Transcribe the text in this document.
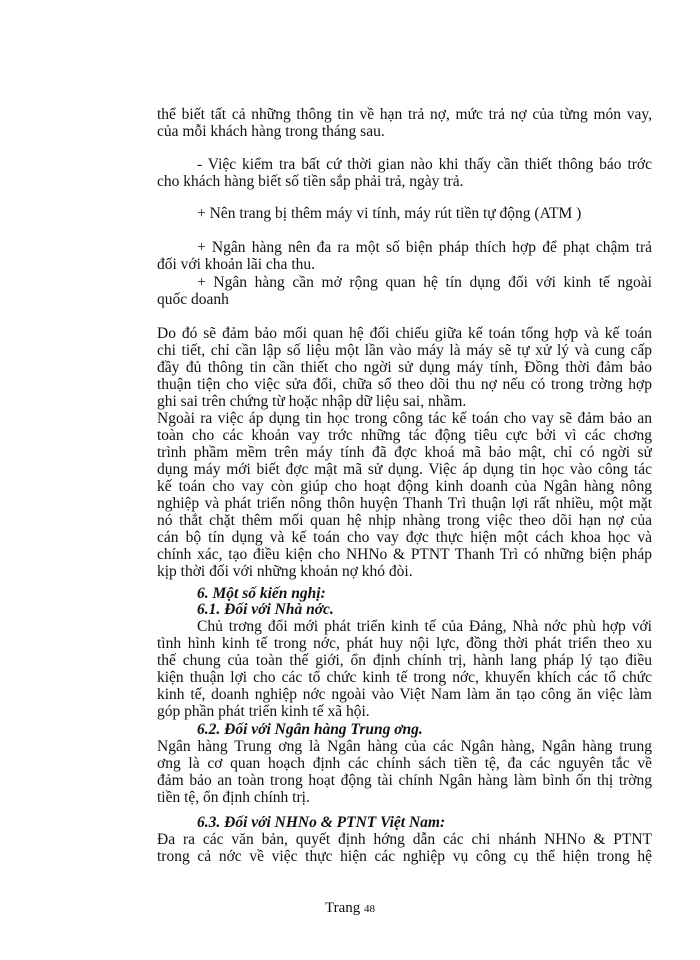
thể biết tất cả những thông tin về hạn trả nợ, mức trả nợ của từng món vay,
của mỗi khách hàng trong tháng sau.
- Việc kiểm tra bất cứ thời gian nào khi thấy cần thiết thông báo trớc
cho khách hàng biết số tiền sắp phải trả, ngày trả.
+ Nên trang bị thêm máy vi tính, máy rút tiền tự động (ATM )
+ Ngân hàng nên đa ra một số biện pháp thích hợp để phạt chậm trả
đối với khoản lãi cha thu.
+ Ngân hàng cần mở rộng quan hệ tín dụng đối với kinh tế ngoài
quốc doanh
Do đó sẽ đảm bảo mối quan hệ đối chiếu giữa kế toán tổng hợp và kế toán
chi tiết, chỉ cần lập số liệu một lần vào máy là máy sẽ tự xử lý và cung cấp
đầy đủ thông tin cần thiết cho ngời sử dụng máy tính, Đồng thời đảm bảo
thuận tiện cho việc sửa đổi, chữa sổ theo dõi thu nợ nếu có trong trờng hợp
ghi sai trên chứng từ hoặc nhập dữ liệu sai, nhầm.
Ngoài ra việc áp dụng tin học trong công tác kế toán cho vay sẽ đảm bảo an
toàn cho các khoản vay trớc những tác động tiêu cực bởi vì các chơng
trình phầm mềm trên máy tính đã đợc khoá mã bảo mật, chỉ có ngời sử
dụng máy mới biết đợc mật mã sử dụng. Việc áp dụng tin học vào công tác
kế toán cho vay còn giúp cho hoạt động kinh doanh của Ngân hàng nông
nghiệp và phát triển nông thôn huyện Thanh Trì thuận lợi rất nhiều, một mặt
nó thắt chặt thêm mối quan hệ nhịp nhàng trong việc theo dõi hạn nợ của
cán bộ tín dụng và kế toán cho vay đợc thực hiện một cách khoa học và
chính xác, tạo điều kiện cho NHNo & PTNT Thanh Trì có những biện pháp
kịp thời đối với những khoản nợ khó đòi.
6. Một số kiến nghị:
6.1. Đối với Nhà nớc.
Chủ trơng đổi mới phát triển kinh tế của Đảng, Nhà nớc phù hợp với
tình hình kinh tế trong nớc, phát huy nội lực, đồng thời phát triển theo xu
thế chung của toàn thế giới, ổn định chính trị, hành lang pháp lý tạo điều
kiện thuận lợi cho các tổ chức kinh tế trong nớc, khuyến khích các tổ chức
kinh tế, doanh nghiệp nớc ngoài vào Việt Nam làm ăn tạo công ăn việc làm
góp phần phát triển kinh tế xã hội.
6.2. Đối với Ngân hàng Trung ơng.
Ngân hàng Trung ơng là Ngân hàng của các Ngân hàng, Ngân hàng trung
ơng là cơ quan hoạch định các chính sách tiền tệ, đa các nguyên tắc về
đảm bảo an toàn trong hoạt động tài chính Ngân hàng làm bình ổn thị trờng
tiền tệ, ổn định chính trị.
6.3. Đối với NHNo & PTNT Việt Nam:
Đa ra các văn bản, quyết định hớng dẫn các chi nhánh NHNo & PTNT
trong cả nớc về việc thực hiện các nghiệp vụ công cụ thể hiện trong hệ
Trang 48
